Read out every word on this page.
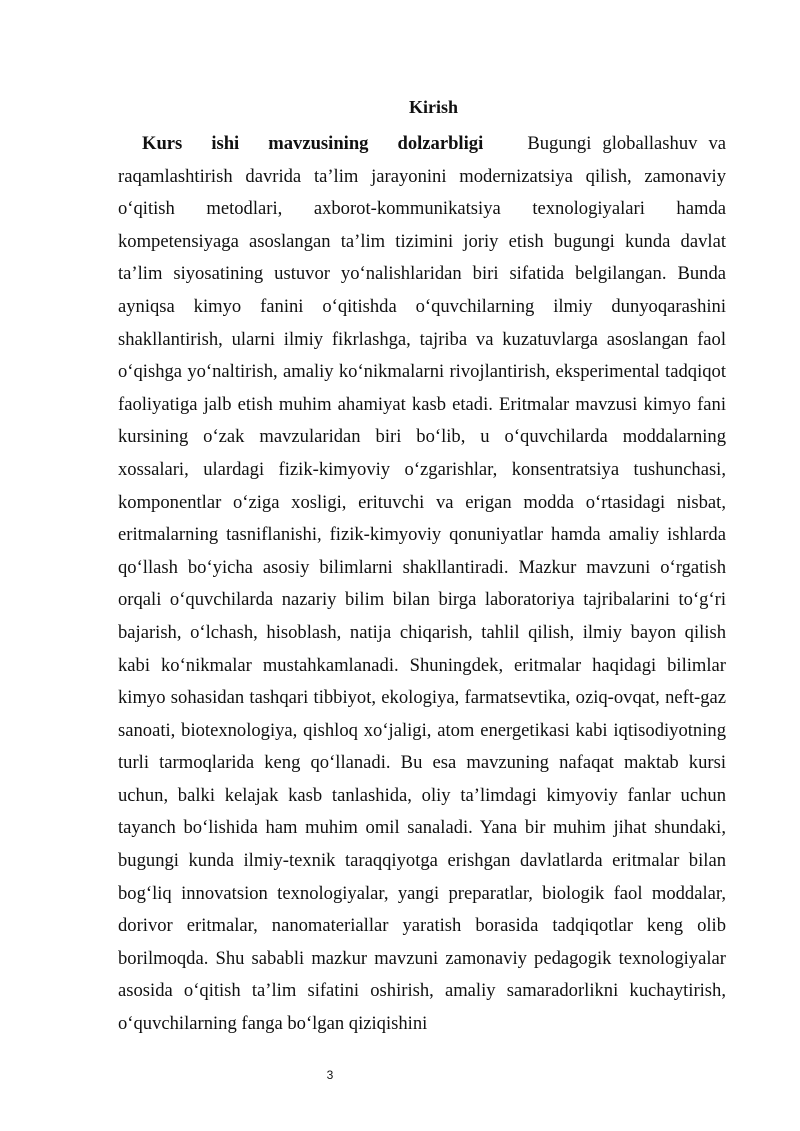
Kirish

Kurs ishi mavzusining dolzarbligi Bugungi globallashuv va raqamlashtirish davrida ta’lim jarayonini modernizatsiya qilish, zamonaviy o‘qitish metodlari, axborot-kommunikatsiya texnologiyalari hamda kompetensiyaga asoslangan ta’lim tizimini joriy etish bugungi kunda davlat ta’lim siyosatining ustuvor yo‘nalishlaridan biri sifatida belgilangan. Bunda ayniqsa kimyo fanini o‘qitishda o‘quvchilarning ilmiy dunyoqarashini shakllantirish, ularni ilmiy fikrlashga, tajriba va kuzatuvlarga asoslangan faol o‘qishga yo‘naltirish, amaliy ko‘nikmalarni rivojlantirish, eksperimental tadqiqot faoliyatiga jalb etish muhim ahamiyat kasb etadi. Eritmalar mavzusi kimyo fani kursining o‘zak mavzularidan biri bo‘lib, u o‘quvchilarda moddalarning xossalari, ulardagi fizik-kimyoviy o‘zgarishlar, konsentratsiya tushunchasi, komponentlar o‘ziga xosligi, erituvchi va erigan modda o‘rtasidagi nisbat, eritmalarning tasniflanishi, fizik-kimyoviy qonuniyatlar hamda amaliy ishlarda qo‘llash bo‘yicha asosiy bilimlarni shakllantiradi. Mazkur mavzuni o‘rgatish orqali o‘quvchilarda nazariy bilim bilan birga laboratoriya tajribalarini to‘g‘ri bajarish, o‘lchash, hisoblash, natija chiqarish, tahlil qilish, ilmiy bayon qilish kabi ko‘nikmalar mustahkamlanadi. Shuningdek, eritmalar haqidagi bilimlar kimyo sohasidan tashqari tibbiyot, ekologiya, farmatsevtika, oziq-ovqat, neft-gaz sanoati, biotexnologiya, qishloq xo‘jaligi, atom energetikasi kabi iqtisodiyotning turli tarmoqlarida keng qo‘llanadi. Bu esa mavzuning nafaqat maktab kursi uchun, balki kelajak kasb tanlashida, oliy ta’limdagi kimyoviy fanlar uchun tayanch bo‘lishida ham muhim omil sanaladi. Yana bir muhim jihat shundaki, bugungi kunda ilmiy-texnik taraqqiyotga erishgan davlatlarda eritmalar bilan bog‘liq innovatsion texnologiyalar, yangi preparatlar, biologik faol moddalar, dorivor eritmalar, nanomateriallar yaratish borasida tadqiqotlar keng olib borilmoqda. Shu sababli mazkur mavzuni zamonaviy pedagogik texnologiyalar asosida o‘qitish ta’lim sifatini oshirish, amaliy samaradorlikni kuchaytirish, o‘quvchilarning fanga bo‘lgan qiziqishini

3
